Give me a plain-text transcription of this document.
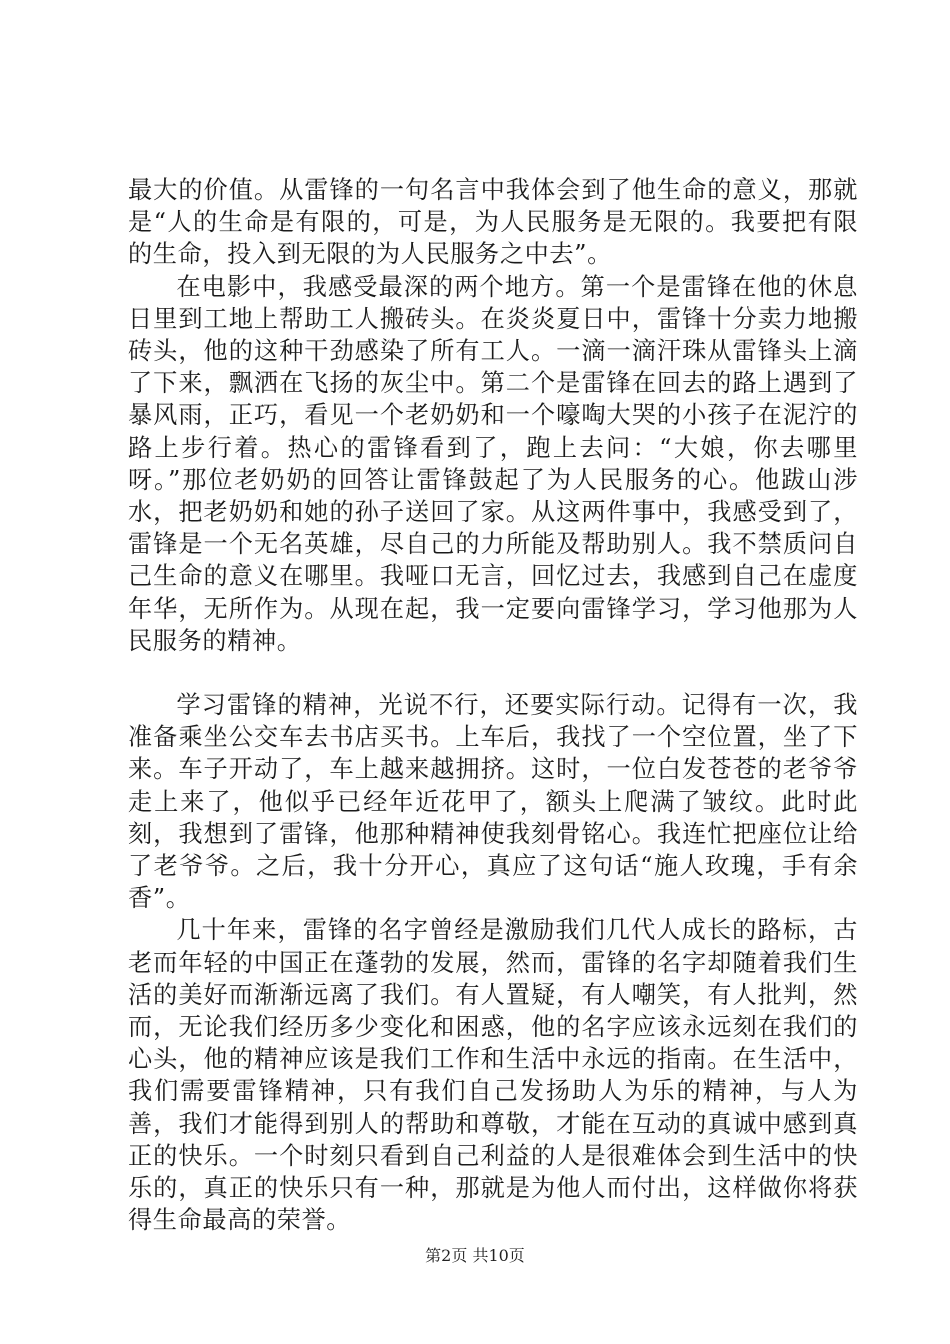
最大的价值。从雷锋的一句名言中我体会到了他生命的意义，那就是“人的生命是有限的，可是，为人民服务是无限的。我要把有限的生命，投入到无限的为人民服务之中去”。

在电影中，我感受最深的两个地方。第一个是雷锋在他的休息日里到工地上帮助工人搬砖头。在炎炎夏日中，雷锋十分卖力地搬砖头，他的这种干劲感染了所有工人。一滴一滴汗珠从雷锋头上滴了下来，飘洒在飞扬的灰尘中。第二个是雷锋在回去的路上遇到了暴风雨，正巧，看见一个老奶奶和一个嚎啕大哭的小孩子在泥泞的路上步行着。热心的雷锋看到了，跑上去问：“大娘，你去哪里呀。”那位老奶奶的回答让雷锋鼓起了为人民服务的心。他跋山涉水，把老奶奶和她的孙子送回了家。从这两件事中，我感受到了，雷锋是一个无名英雄，尽自己的力所能及帮助别人。我不禁质问自己生命的意义在哪里。我哑口无言，回忆过去，我感到自己在虚度年华，无所作为。从现在起，我一定要向雷锋学习，学习他那为人民服务的精神。

学习雷锋的精神，光说不行，还要实际行动。记得有一次，我准备乘坐公交车去书店买书。上车后，我找了一个空位置，坐了下来。车子开动了，车上越来越拥挤。这时，一位白发苍苍的老爷爷走上来了，他似乎已经年近花甲了，额头上爬满了皱纹。此时此刻，我想到了雷锋，他那种精神使我刻骨铭心。我连忙把座位让给了老爷爷。之后，我十分开心，真应了这句话“施人玫瑰，手有余香”。

几十年来，雷锋的名字曾经是激励我们几代人成长的路标，古老而年轻的中国正在蓬勃的发展，然而，雷锋的名字却随着我们生活的美好而渐渐远离了我们。有人置疑，有人嘲笑，有人批判，然而，无论我们经历多少变化和困惑，他的名字应该永远刻在我们的心头，他的精神应该是我们工作和生活中永远的指南。在生活中，我们需要雷锋精神，只有我们自己发扬助人为乐的精神，与人为善，我们才能得到别人的帮助和尊敬，才能在互动的真诚中感到真正的快乐。一个时刻只看到自己利益的人是很难体会到生活中的快乐的，真正的快乐只有一种，那就是为他人而付出，这样做你将获得生命最高的荣誉。

第2页 共10页
